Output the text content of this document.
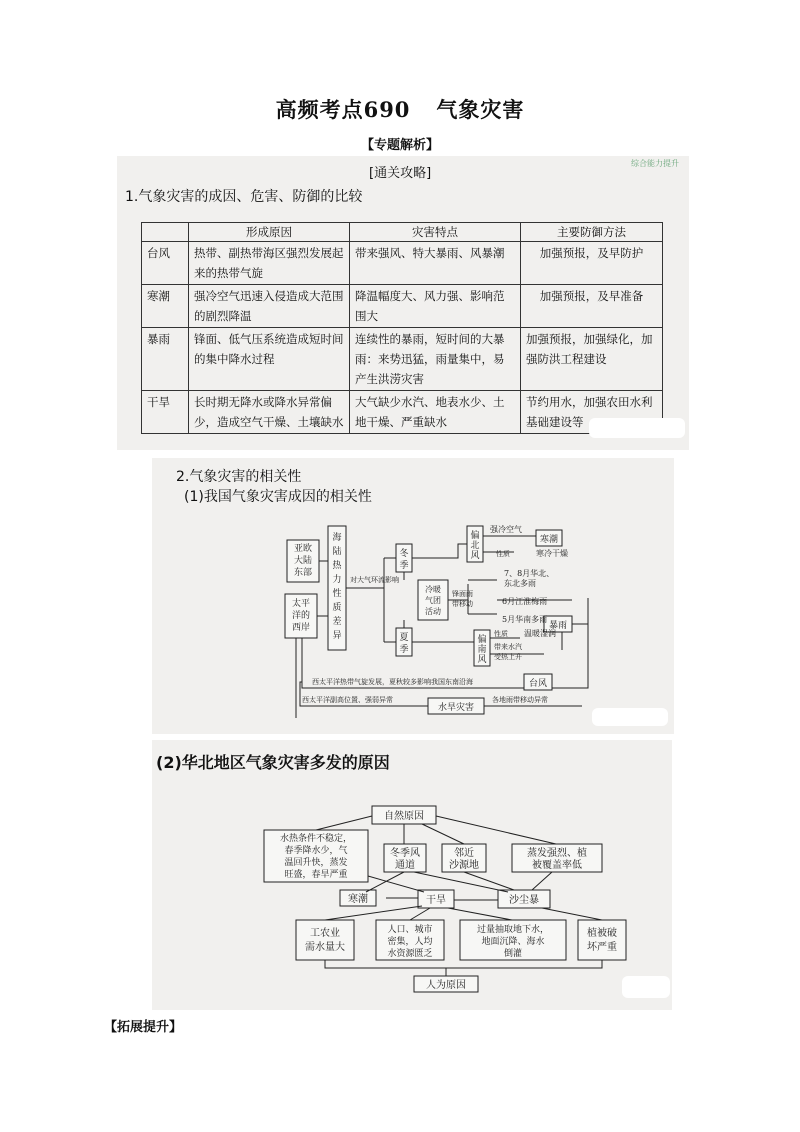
高频考点690 气象灾害
【专题解析】
[通关攻略]
综合能力提升
1.气象灾害的成因、危害、防御的比较
	形成原因	灾害特点	主要防御方法
台风	热带、副热带海区强烈发展起来的热带气旋	带来强风、特大暴雨、风暴潮	加强预报，及早防护
寒潮	强冷空气迅速入侵造成大范围的剧烈降温	降温幅度大、风力强、影响范围大	加强预报，及早准备
暴雨	锋面、低气压系统造成短时间的集中降水过程	连续性的暴雨，短时间的大暴雨：来势迅猛，雨量集中，易产生洪涝灾害	加强预报，加强绿化，加强防洪工程建设
干旱	长时期无降水或降水异常偏少，造成空气干燥、土壤缺水	大气缺少水汽、地表水少、土地干燥、严重缺水	节约用水，加强农田水利基础建设等
2.气象灾害的相关性
(1)我国气象灾害成因的相关性
亚欧
大陆
东部
太平
洋的
西岸
海
陆
热
力
性
质
差
异
冬
季
夏
季
对大气环流影响
冷暖
气团
活动
锋面雨
带移动
偏
北
风
偏
南
风
强冷空气
寒潮
性质	寒冷干燥
7、8月华北、
东北多雨
6月江淮梅雨
5月华南多雨
性质 温暖湿润
带来水汽
受热上升
暴雨
台风
西太平洋热带气旋发展，夏秋较多影响我国东南沿海
西太平洋副高位置、强弱异常
水旱灾害
各地雨带移动异常
(2)华北地区气象灾害多发的原因
自然原因
水热条件不稳定，
春季降水少，气
温回升快，蒸发
旺盛，春旱严重
冬季风
通道
邻近
沙源地
蒸发强烈、植
被覆盖率低
寒潮	干旱	沙尘暴
工农业
需水量大
人口、城市
密集，人均
水资源匮乏
过量抽取地下水，
地面沉降、海水
倒灌
植被破
坏严重
人为原因
【拓展提升】
